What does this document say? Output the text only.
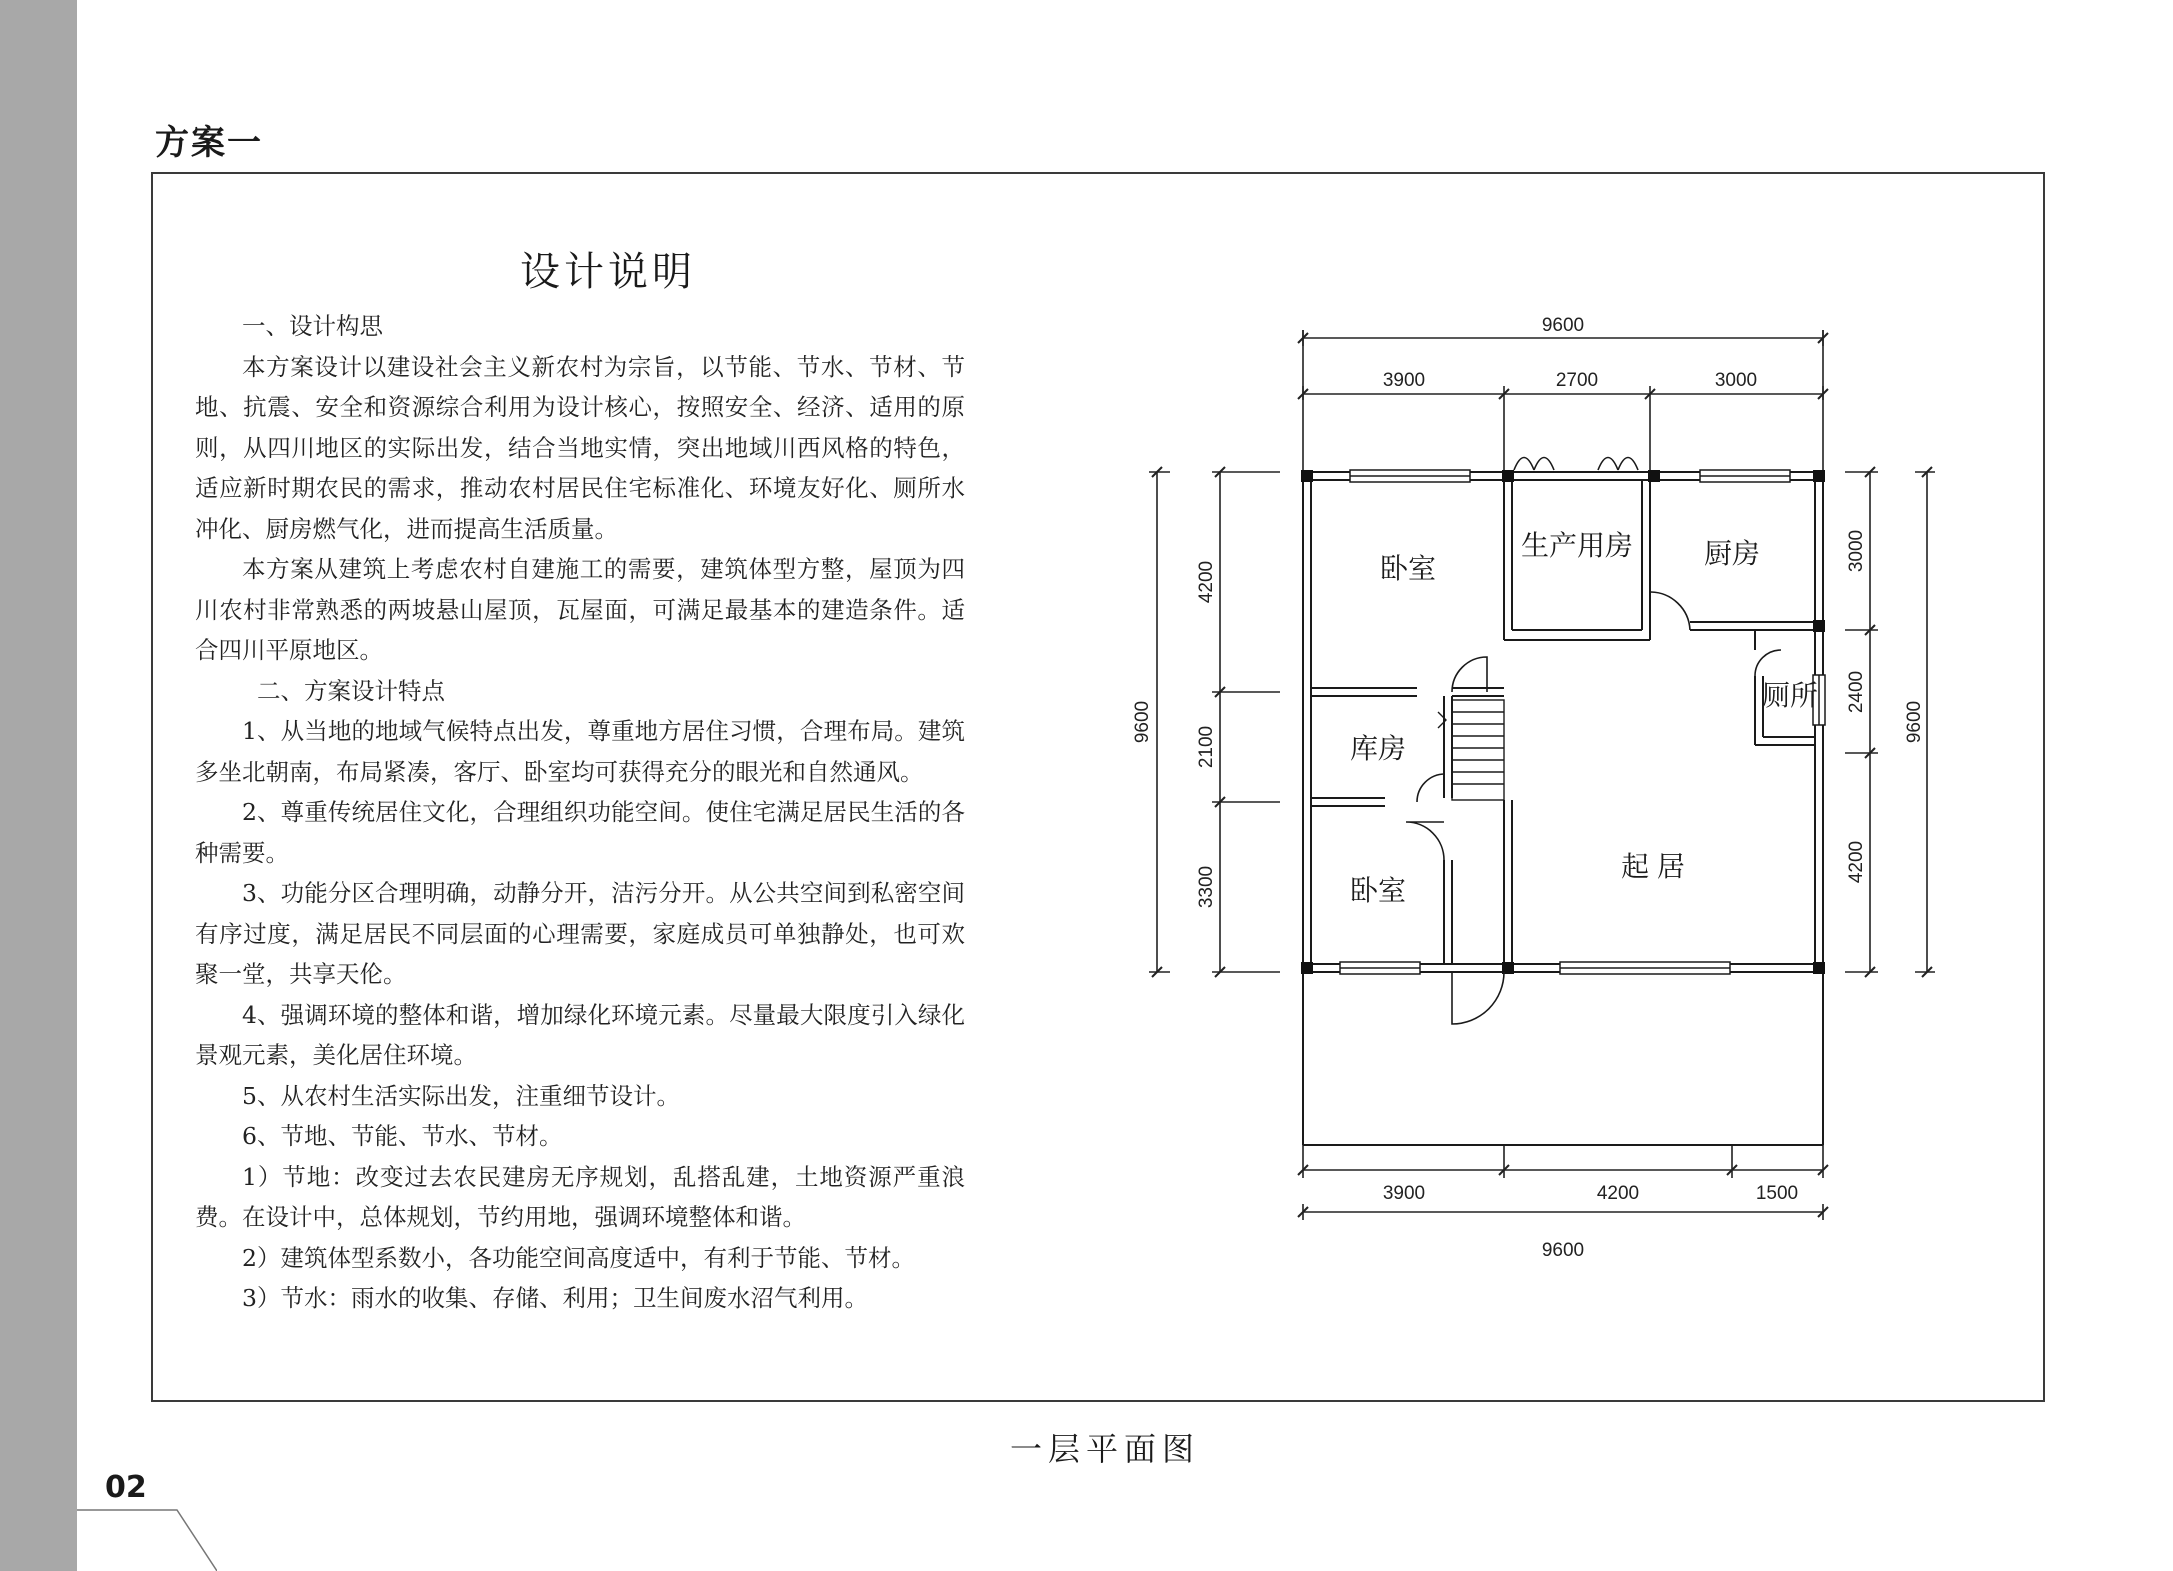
方案一
设计说明

一、设计构思

本方案设计以建设社会主义新农村为宗旨，以节能、节水、节材、节地、抗震、安全和资源综合利用为设计核心，按照安全、经济、适用的原则，从四川地区的实际出发，结合当地实情，突出地域川西风格的特色，适应新时期农民的需求，推动农村居民住宅标准化、环境友好化、厕所水冲化、厨房燃气化，进而提高生活质量。

本方案从建筑上考虑农村自建施工的需要，建筑体型方整，屋顶为四川农村非常熟悉的两坡悬山屋顶，瓦屋面，可满足最基本的建造条件。适合四川平原地区。

二、方案设计特点

1、从当地的地域气候特点出发，尊重地方居住习惯，合理布局。建筑多坐北朝南，布局紧凑，客厅、卧室均可获得充分的眼光和自然通风。

2、尊重传统居住文化，合理组织功能空间。使住宅满足居民生活的各种需要。

3、功能分区合理明确，动静分开，洁污分开。从公共空间到私密空间有序过度，满足居民不同层面的心理需要，家庭成员可单独静处，也可欢聚一堂，共享天伦。

4、强调环境的整体和谐，增加绿化环境元素。尽量最大限度引入绿化景观元素，美化居住环境。

5、从农村生活实际出发，注重细节设计。

6、节地、节能、节水、节材。

1）节地：改变过去农民建房无序规划，乱搭乱建，土地资源严重浪费。在设计中，总体规划，节约用地，强调环境整体和谐。

2）建筑体型系数小，各功能空间高度适中，有利于节能、节材。

3）节水：雨水的收集、存储、利用；卫生间废水沼气利用。

9600
3900	2700	3000
3900	4200	1500
9600
9600
4200
2100
3300
3000
2400
4200
9600
卧室
生产用房	厨房
厕所
库房
卧室
起 居
一层平面图
02
